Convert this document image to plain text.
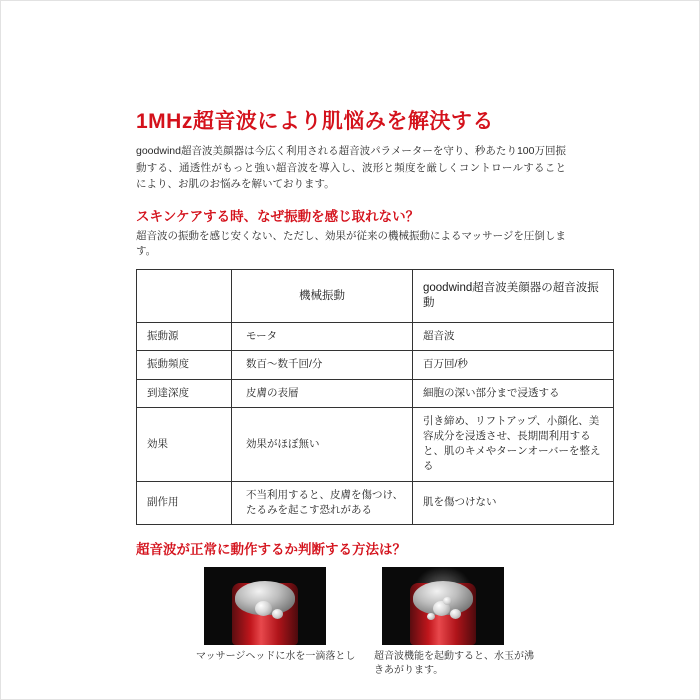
1MHz超音波により肌悩みを解決する

goodwind超音波美顔器は今広く利用される超音波パラメーターを守り、秒あたり100万回振動する、通透性がもっと強い超音波を導入し、波形と頻度を厳しくコントロールすることにより、お肌のお悩みを解いております。

スキンケアする時、なぜ振動を感じ取れない？

超音波の振動を感じ安くない、ただし、効果が従来の機械振動によるマッサージを圧倒します。

	機械振動	goodwind超音波美顔器の超音波振動
振動源	モータ	超音波
振動頻度	数百～数千回/分	百万回/秒
到達深度	皮膚の表層	細胞の深い部分まで浸透する
効果	効果がほぼ無い	引き締め、リフトアップ、小顔化、美容成分を浸透させ、長期間利用すると、肌のキメやターンオーバーを整える
副作用	不当利用すると、皮膚を傷つけ、たるみを起こす恐れがある	肌を傷つけない
超音波が正常に動作するか判断する方法は？
マッサージヘッドに水を一滴落とし 超音波機能を起動すると、水玉が沸きあがります。
